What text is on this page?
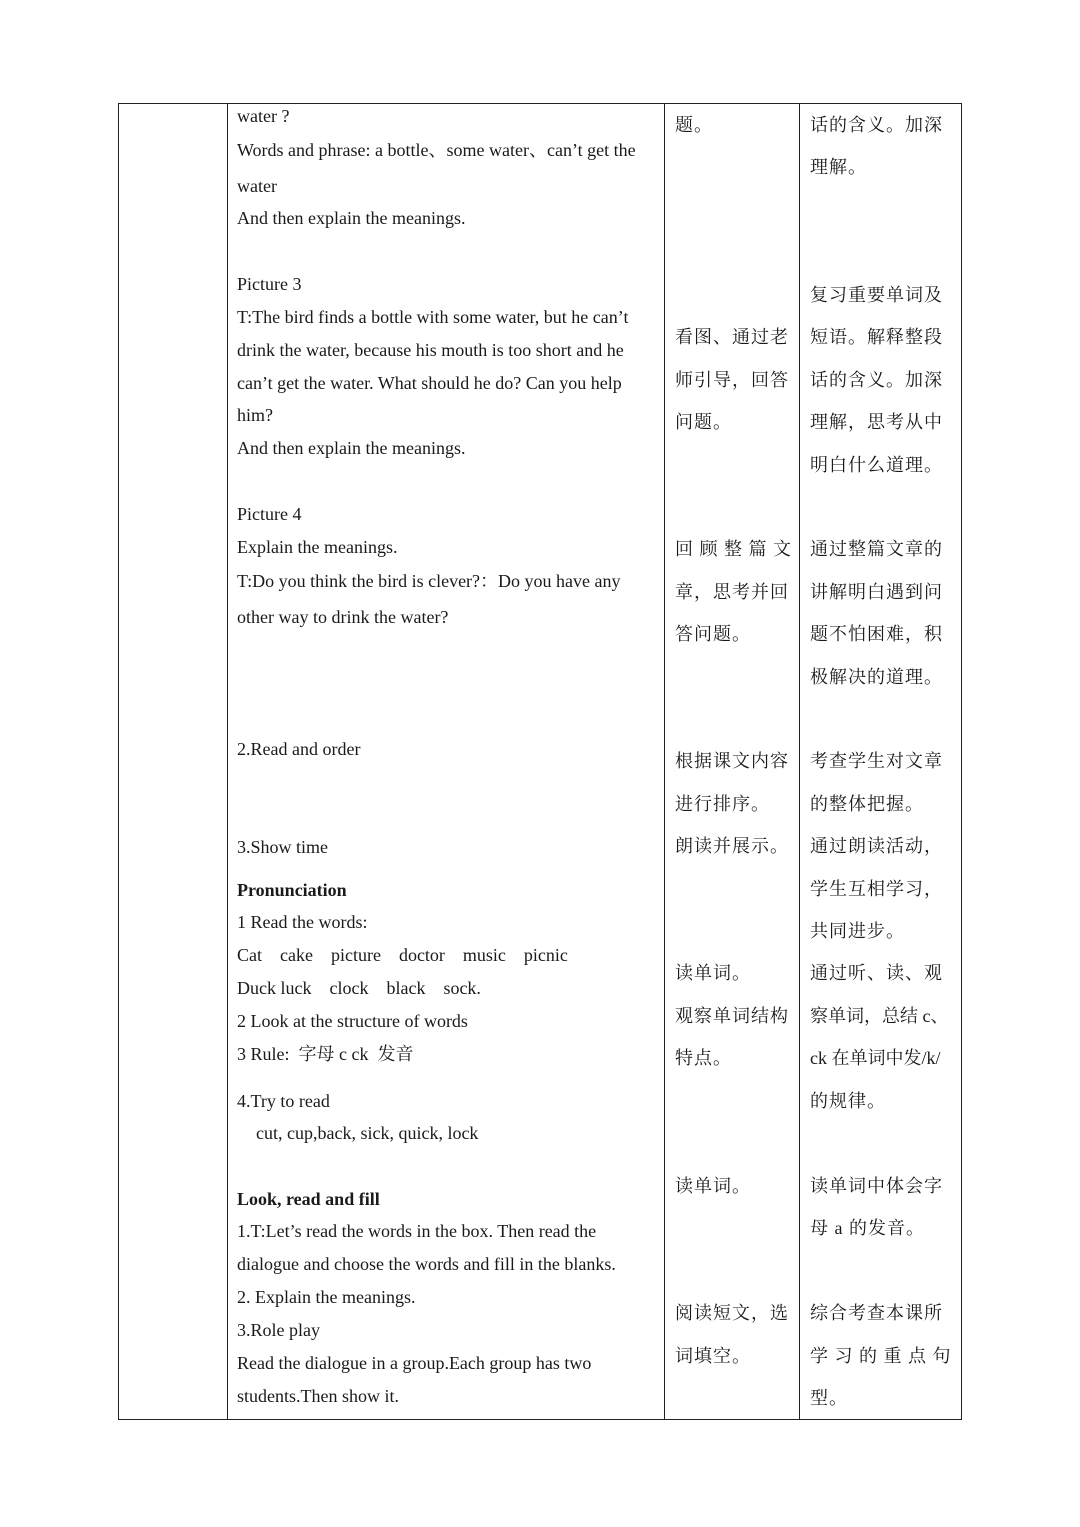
water ?
Words and phrase: a bottle、some water、can’t get the
water
And then explain the meanings.
Picture 3
T:The bird finds a bottle with some water, but he can’t
drink the water, because his mouth is too short and he
can’t get the water. What should he do? Can you help
him?
And then explain the meanings.
Picture 4
Explain the meanings.
T:Do you think the bird is clever?：Do you have any
other way to drink the water?
2.Read and order
3.Show time
Pronunciation
1 Read the words:
Cat    cake    picture    doctor    music    picnic
Duck luck    clock    black    sock.
2 Look at the structure of words
3 Rule:  字母 c ck  发音
4.Try to read
cut, cup,back, sick, quick, lock
Look, read and fill
1.T:Let’s read the words in the box. Then read the
dialogue and choose the words and fill in the blanks.
2. Explain the meanings.
3.Role play
Read the dialogue in a group.Each group has two
students.Then show it.
题。
看图、通过老
师引导，回答
问题。
回 顾 整 篇 文
章，思考并回
答问题。
根据课文内容
进行排序。
朗读并展示。
读单词。
观察单词结构
特点。
读单词。
阅读短文，选
词填空。
话的含义。加深
理解。
复习重要单词及
短语。解释整段
话的含义。加深
理解，思考从中
明白什么道理。
通过整篇文章的
讲解明白遇到问
题不怕困难，积
极解决的道理。
考查学生对文章
的整体把握。
通过朗读活动，
学生互相学习，
共同进步。
通过听、读、观
察单词，总结 c、
ck 在单词中发/k/
的规律。
读单词中体会字
母 a 的发音。
综合考查本课所
学 习 的 重 点 句
型。
